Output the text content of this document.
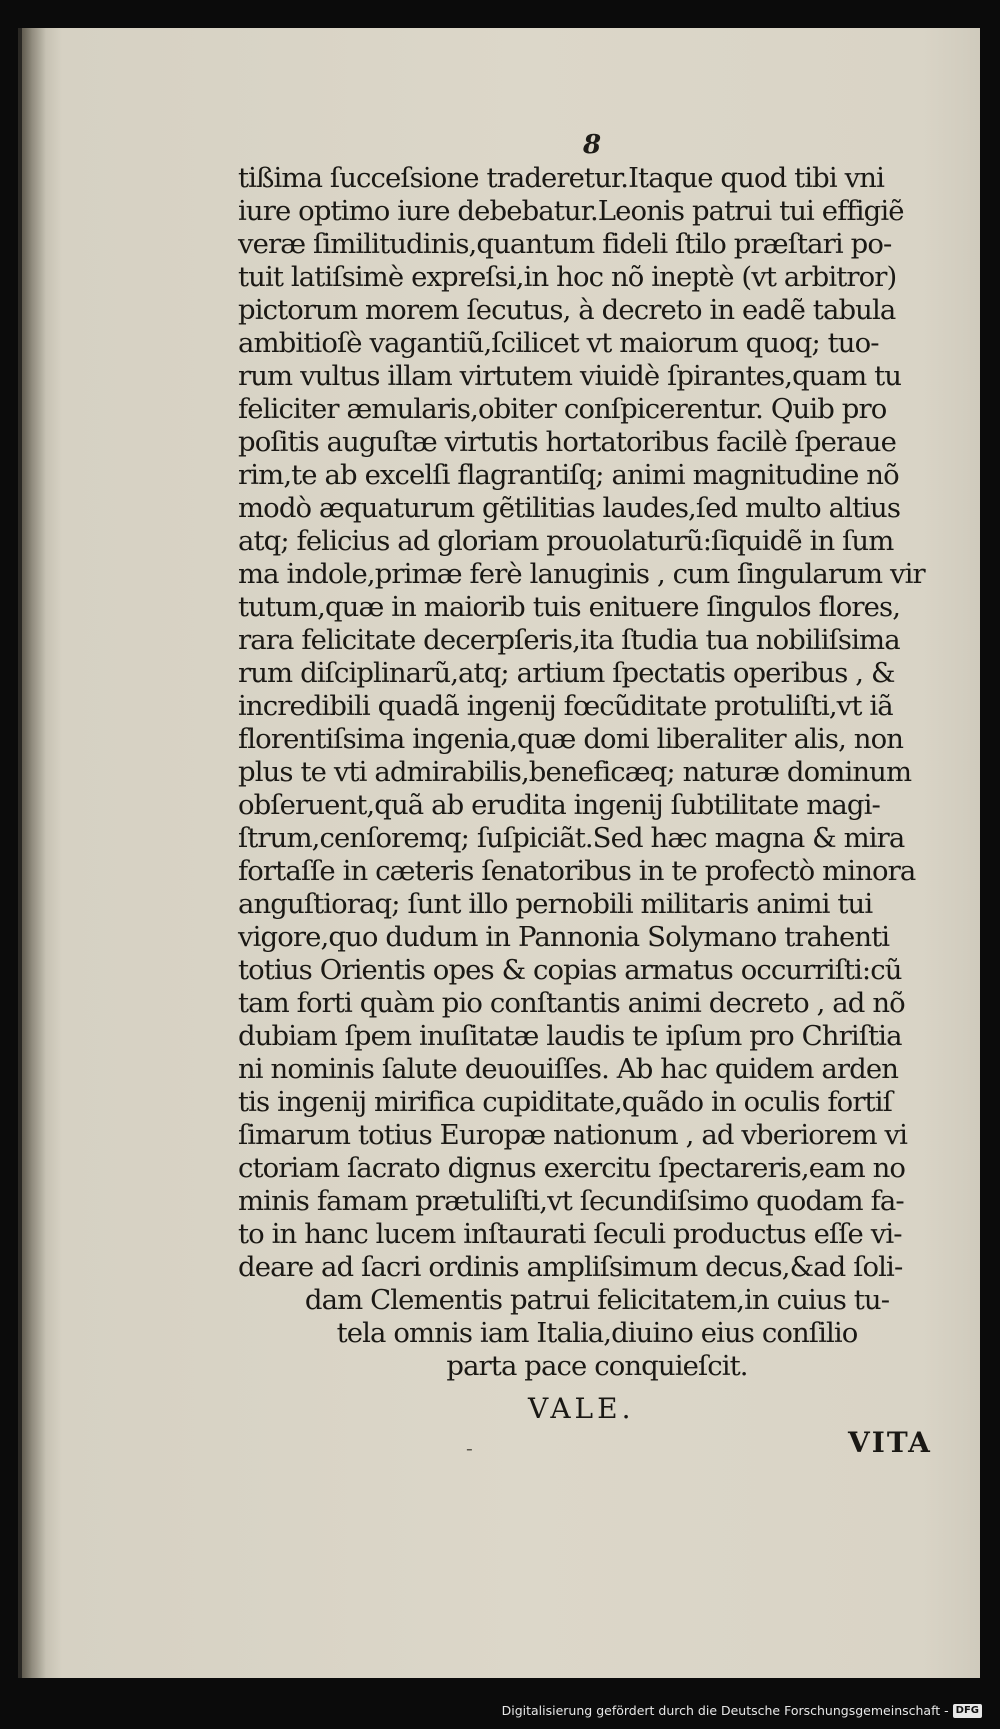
8
tißima ſucceſsione traderetur.Itaque quod tibi vni
iure optimo iure debebatur.Leonis patrui tui effigiẽ
veræ ſimilitudinis,quantum fideli ſtilo præſtari po-
tuit latiſsimè expreſsi,in hoc nõ ineptè (vt arbitror)
pictorum morem ſecutus, à decreto in eadẽ tabula
ambitioſè vagantiũ,ſcilicet vt maiorum quoq; tuo-
rum vultus illam virtutem viuidè ſpirantes,quam tu
feliciter æmularis,obiter conſpicerentur. Quib pro
poſitis auguſtæ virtutis hortatoribus facilè ſperaue
rim,te ab excelſi flagrantiſq; animi magnitudine nõ
modò æquaturum gẽtilitias laudes,ſed multo altius
atq; felicius ad gloriam prouolaturũ:ſiquidẽ in ſum
ma indole,primæ ferè lanuginis , cum ſingularum vir
tutum,quæ in maiorib tuis enituere ſingulos flores,
rara felicitate decerpſeris,ita ſtudia tua nobiliſsima
rum diſciplinarũ,atq; artium ſpectatis operibus , &
incredibili quadã ingenij fœcũditate protuliſti,vt iã
florentiſsima ingenia,quæ domi liberaliter alis, non
plus te vti admirabilis,beneficæq; naturæ dominum
obſeruent,quã ab erudita ingenij ſubtilitate magi-
ſtrum,cenſoremq; ſuſpiciãt.Sed hæc magna & mira
fortaſſe in cæteris ſenatoribus in te profectò minora
anguſtioraq; ſunt illo pernobili militaris animi tui
vigore,quo dudum in Pannonia Solymano trahenti
totius Orientis opes & copias armatus occurriſti:cũ
tam forti quàm pio conſtantis animi decreto , ad nõ
dubiam ſpem inuſitatæ laudis te ipſum pro Chriſtia
ni nominis ſalute deuouiſſes. Ab hac quidem arden
tis ingenij mirifica cupiditate,quãdo in oculis fortiſ
ſimarum totius Europæ nationum , ad vberiorem vi
ctoriam ſacrato dignus exercitu ſpectareris,eam no
minis famam prætuliſti,vt ſecundiſsimo quodam fa-
to in hanc lucem inſtaurati ſeculi productus eſſe vi-
deare ad ſacri ordinis ampliſsimum decus,&ad ſoli-
dam Clementis patrui felicitatem,in cuius tu-
tela omnis iam Italia,diuino eius conſilio
parta pace conquieſcit.
-
VALE.
VITA
Digitalisierung gefördert durch die Deutsche Forschungsgemeinschaft - DFG
